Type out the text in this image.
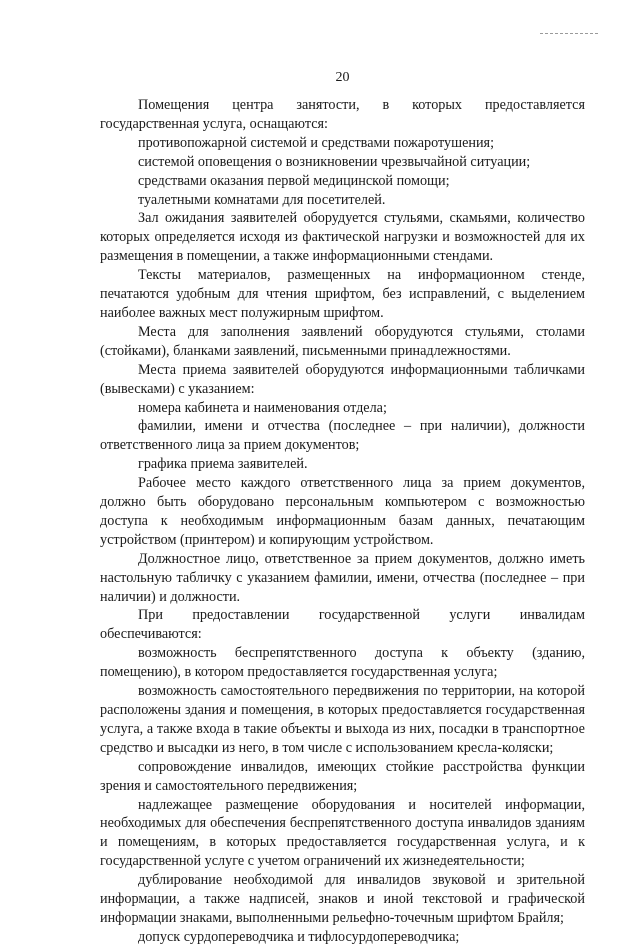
20

Помещения центра занятости, в которых предоставляется государственная услуга, оснащаются:

противопожарной системой и средствами пожаротушения;

системой оповещения о возникновении чрезвычайной ситуации;

средствами оказания первой медицинской помощи;

туалетными комнатами для посетителей.

Зал ожидания заявителей оборудуется стульями, скамьями, количество которых определяется исходя из фактической нагрузки и возможностей для их размещения в помещении, а также информационными стендами.

Тексты материалов, размещенных на информационном стенде, печатаются удобным для чтения шрифтом, без исправлений, с выделением наиболее важных мест полужирным шрифтом.

Места для заполнения заявлений оборудуются стульями, столами (стойками), бланками заявлений, письменными принадлежностями.

Места приема заявителей оборудуются информационными табличками (вывесками) с указанием:

номера кабинета и наименования отдела;

фамилии, имени и отчества (последнее – при наличии), должности ответственного лица за прием документов;

графика приема заявителей.

Рабочее место каждого ответственного лица за прием документов, должно быть оборудовано персональным компьютером с возможностью доступа к необходимым информационным базам данных, печатающим устройством (принтером) и копирующим устройством.

Должностное лицо, ответственное за прием документов, должно иметь настольную табличку с указанием фамилии, имени, отчества (последнее – при наличии) и должности.

При предоставлении государственной услуги инвалидам обеспечиваются:

возможность беспрепятственного доступа к объекту (зданию, помещению), в котором предоставляется государственная услуга;

возможность самостоятельного передвижения по территории, на которой расположены здания и помещения, в которых предоставляется государственная услуга, а также входа в такие объекты и выхода из них, посадки в транспортное средство и высадки из него, в том числе с использованием кресла-коляски;

сопровождение инвалидов, имеющих стойкие расстройства функции зрения и самостоятельного передвижения;

надлежащее размещение оборудования и носителей информации, необходимых для обеспечения беспрепятственного доступа инвалидов зданиям и помещениям, в которых предоставляется государственная услуга, и к государственной услуге с учетом ограничений их жизнедеятельности;

дублирование необходимой для инвалидов звуковой и зрительной информации, а также надписей, знаков и иной текстовой и графической информации знаками, выполненными рельефно-точечным шрифтом Брайля;

допуск сурдопереводчика и тифлосурдопереводчика;
